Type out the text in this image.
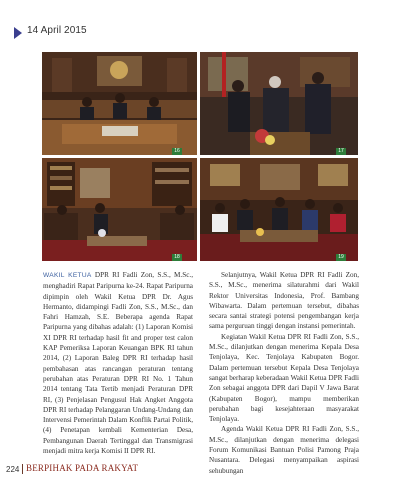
14 April 2015
16	17
18	19

WAKIL KETUA DPR RI Fadli Zon, S.S., M.Sc., menghadiri Rapat Paripurna ke-24. Rapat Paripurna dipimpin oleh Wakil Ketua DPR Dr. Agus Hermanto, didampingi Fadli Zon, S.S., M.Sc., dan Fahri Hamzah, S.E. Beberapa agenda Rapat Paripurna yang dibahas adalah: (1) Laporan Komisi XI DPR RI terhadap hasil fit and proper test calon KAP Pemeriksa Laporan Keuangan BPK RI tahun 2014, (2) Laporan Baleg DPR RI terhadap hasil pembahasan atas rancangan peraturan tentang perubahan atas Peraturan DPR RI No. 1 Tahun 2014 tentang Tata Tertib menjadi Peraturan DPR RI, (3) Penjelasan Pengusul Hak Angket Anggota DPR RI terhadap Pelanggaran Undang-Undang dan Intervensi Pemerintah Dalam Konflik Partai Politik, (4) Penetapan kembali Kementerian Desa, Pembangunan Daerah Tertinggal dan Transmigrasi menjadi mitra kerja Komisi II DPR RI.

Selanjutnya, Wakil Ketua DPR RI Fadli Zon, S.S., M.Sc., menerima silaturahmi dari Wakil Rektor Universitas Indonesia, Prof. Bambang Wibawarta. Dalam pertemuan tersebut, dibahas secara santai strategi potensi pengembangan kerja sama perguruan tinggi dengan instansi pemerintah.

Kegiatan Wakil Ketua DPR RI Fadli Zon, S.S., M.Sc., dilanjutkan dengan menerima Kepala Desa Tenjolaya, Kec. Tenjolaya Kabupaten Bogor. Dalam pertemuan tersebut Kepala Desa Tenjolaya sangat berharap keberadaan Wakil Ketua DPR Fadli Zon sebagai anggota DPR dari Dapil V Jawa Barat (Kabupaten Bogor), mampu memberikan perubahan bagi kesejahteraan masyarakat Tenjolaya.

Agenda Wakil Ketua DPR RI Fadli Zon, S.S., M.Sc., dilanjutkan dengan menerima delegasi Forum Komunikasi Bantuan Polisi Pamong Praja Nusantara. Delegasi menyampaikan aspirasi sehubungan

224 BERPIHAK PADA RAKYAT
